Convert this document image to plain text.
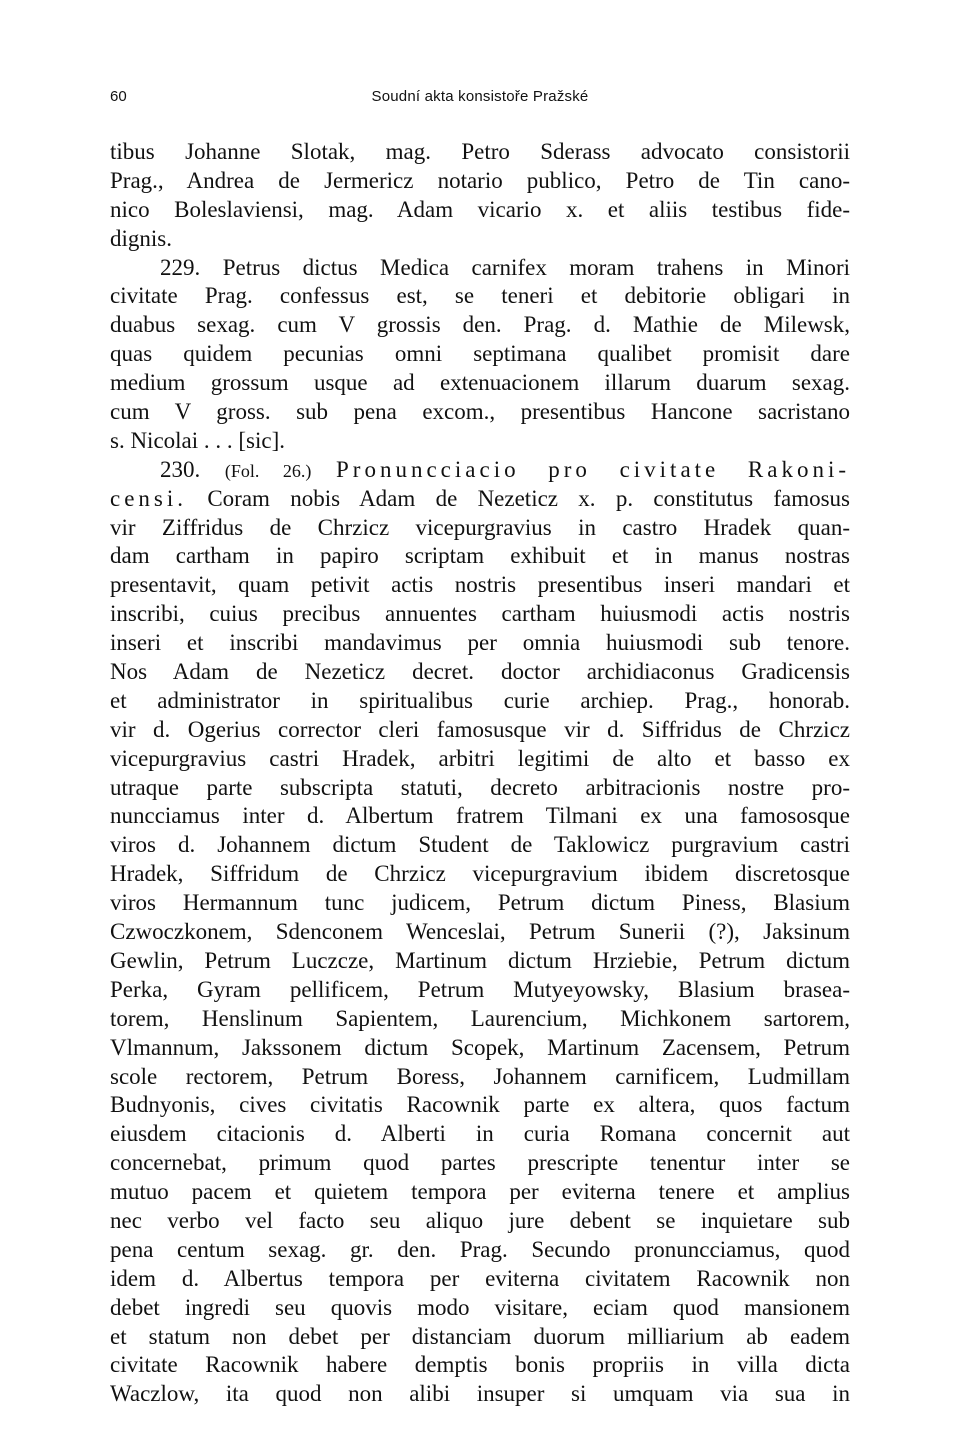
60	Soudní akta konsistoře Pražské
tibus Johanne Slotak, mag. Petro Sderass advocato consistorii
Prag., Andrea de Jermericz notario publico, Petro de Tin cano-
nico Boleslaviensi, mag. Adam vicario x. et aliis testibus fide-
dignis.
229. Petrus dictus Medica carnifex moram trahens in Minori
civitate Prag. confessus est, se teneri et debitorie obligari in
duabus sexag. cum V grossis den. Prag. d. Mathie de Milewsk,
quas quidem pecunias omni septimana qualibet promisit dare
medium grossum usque ad extenuacionem illarum duarum sexag.
cum V gross. sub pena excom., presentibus Hancone sacristano
s. Nicolai . . . [sic].
230. (Fol. 26.) Pronuncciacio pro civitate Rakoni-
censi. Coram nobis Adam de Nezeticz x. p. constitutus famosus
vir Ziffridus de Chrzicz vicepurgravius in castro Hradek quan-
dam cartham in papiro scriptam exhibuit et in manus nostras
presentavit, quam petivit actis nostris presentibus inseri mandari et
inscribi, cuius precibus annuentes cartham huiusmodi actis nostris
inseri et inscribi mandavimus per omnia huiusmodi sub tenore.
Nos Adam de Nezeticz decret. doctor archidiaconus Gradicensis
et administrator in spiritualibus curie archiep. Prag., honorab.
vir d. Ogerius corrector cleri famosusque vir d. Siffridus de Chrzicz
vicepurgravius castri Hradek, arbitri legitimi de alto et basso ex
utraque parte subscripta statuti, decreto arbitracionis nostre pro-
nuncciamus inter d. Albertum fratrem Tilmani ex una famososque
viros d. Johannem dictum Student de Taklowicz purgravium castri
Hradek, Siffridum de Chrzicz vicepurgravium ibidem discretosque
viros Hermannum tunc judicem, Petrum dictum Piness, Blasium
Czwoczkonem, Sdenconem Wenceslai, Petrum Sunerii (?), Jaksinum
Gewlin, Petrum Luczcze, Martinum dictum Hrziebie, Petrum dictum
Perka, Gyram pellificem, Petrum Mutyeyowsky, Blasium brasea-
torem, Henslinum Sapientem, Laurencium, Michkonem sartorem,
Vlmannum, Jakssonem dictum Scopek, Martinum Zacensem, Petrum
scole rectorem, Petrum Boress, Johannem carnificem, Ludmillam
Budnyonis, cives civitatis Racownik parte ex altera, quos factum
eiusdem citacionis d. Alberti in curia Romana concernit aut
concernebat, primum quod partes prescripte tenentur inter se
mutuo pacem et quietem tempora per eviterna tenere et amplius
nec verbo vel facto seu aliquo jure debent se inquietare sub
pena centum sexag. gr. den. Prag. Secundo pronuncciamus, quod
idem d. Albertus tempora per eviterna civitatem Racownik non
debet ingredi seu quovis modo visitare, eciam quod mansionem
et statum non debet per distanciam duorum milliarium ab eadem
civitate Racownik habere demptis bonis propriis in villa dicta
Waczlow, ita quod non alibi insuper si umquam via sua in
